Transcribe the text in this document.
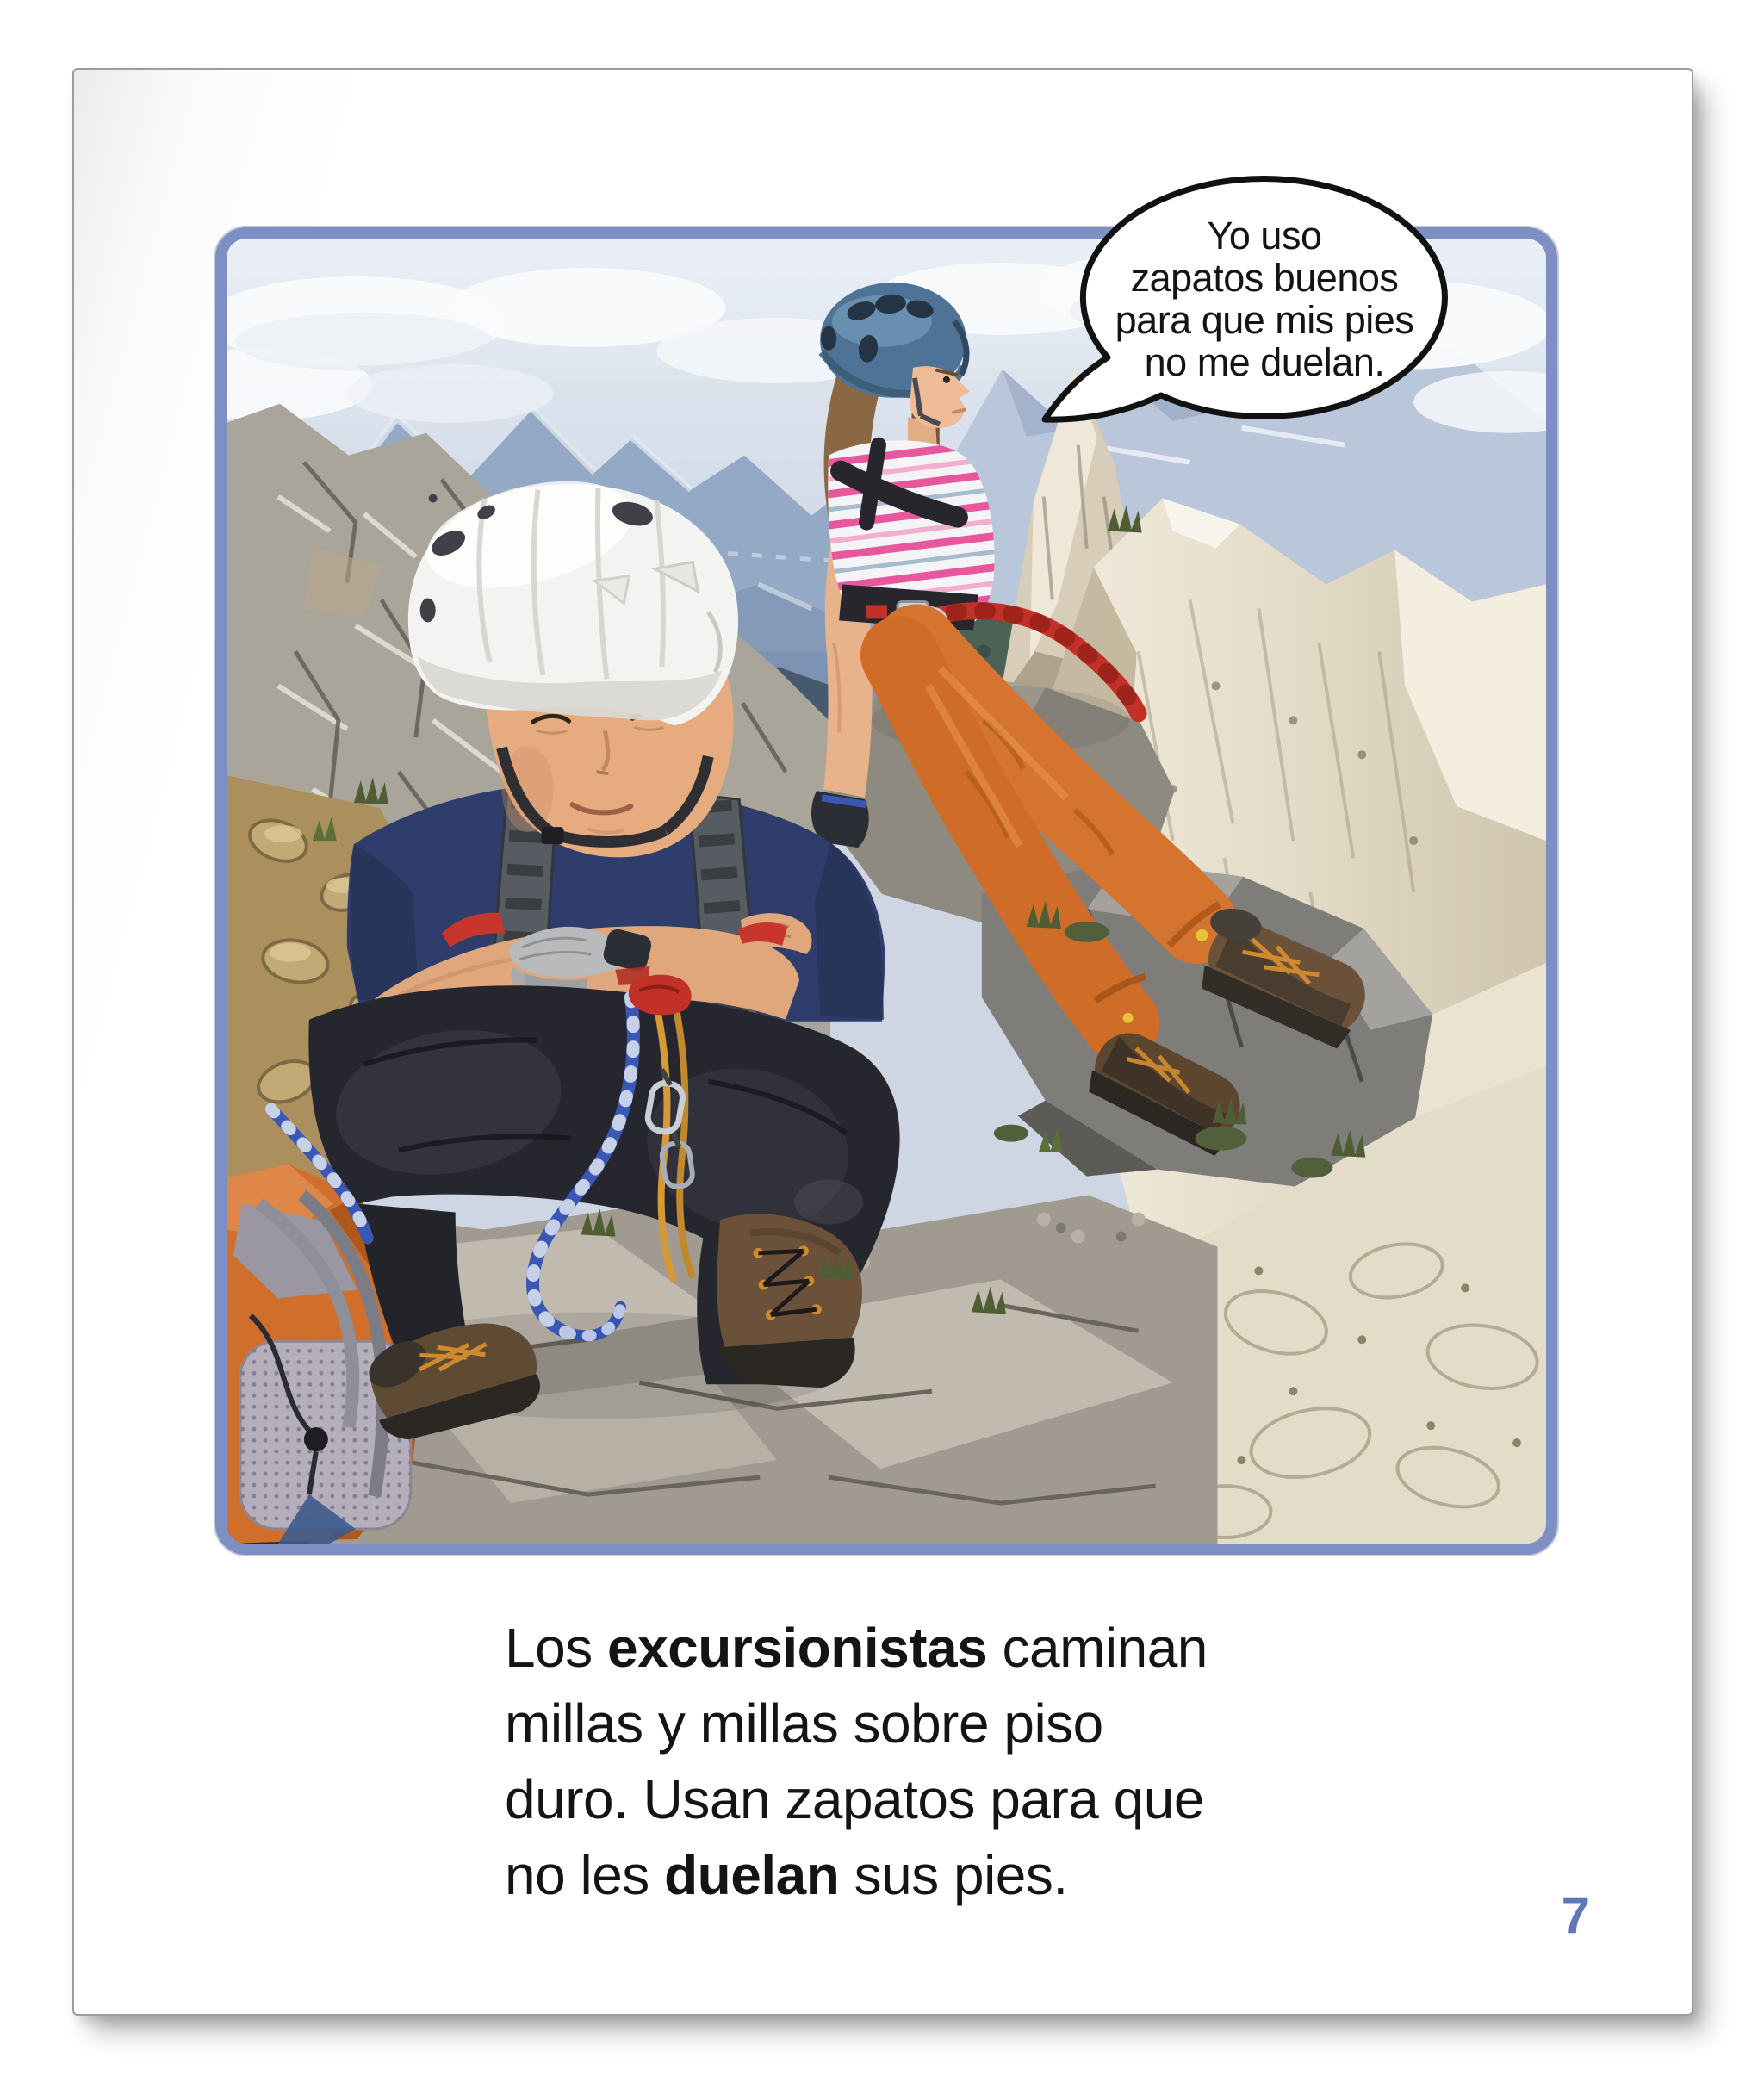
Yo uso
zapatos buenos
para que mis pies
no me duelan.
Los excursionistas caminan
millas y millas sobre piso
duro. Usan zapatos para que
no les duelan sus pies.
7
